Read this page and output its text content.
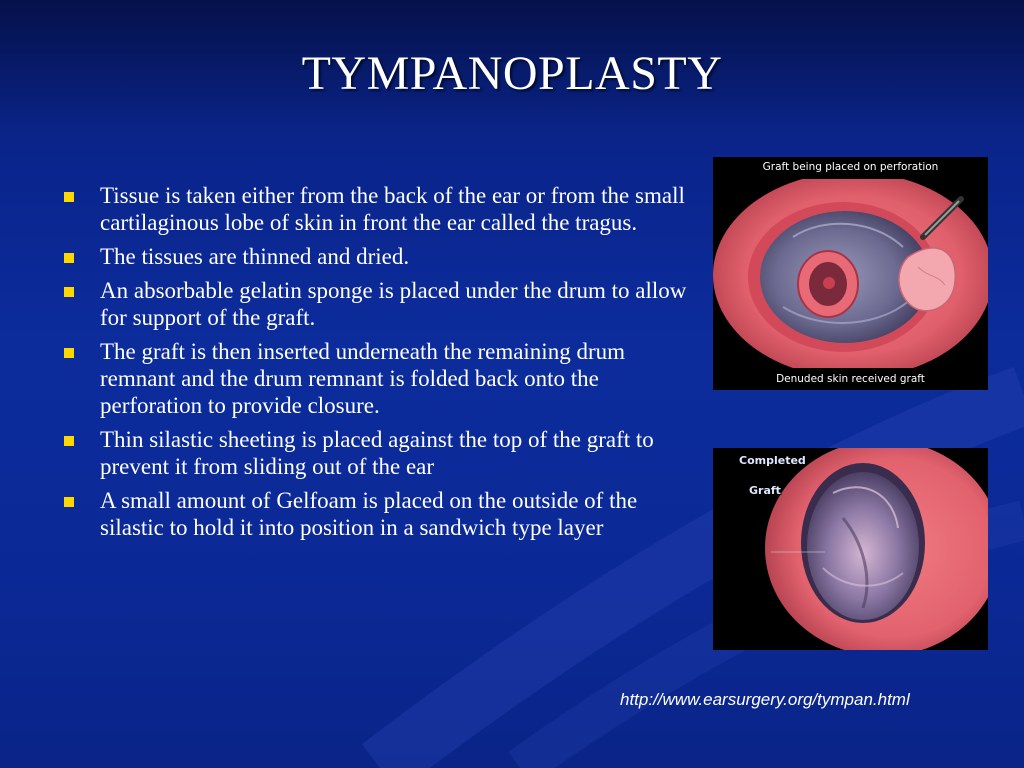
TYMPANOPLASTY
Tissue is taken either from the back of the ear or from the small cartilaginous lobe of skin in front the ear called the tragus.
The tissues are thinned and dried.
An absorbable gelatin sponge is placed under the drum to allow for support of the graft.
The graft is then inserted underneath the remaining drum remnant and the drum remnant is folded back onto the perforation to provide closure.
Thin silastic sheeting is placed against the top of the graft to prevent it from sliding out of the ear
A small amount of Gelfoam is placed on the outside of the silastic to hold it into position in a sandwich type layer
Graft being placed on perforation
Denuded skin received graft
Completed
Graft
http://www.earsurgery.org/tympan.html
